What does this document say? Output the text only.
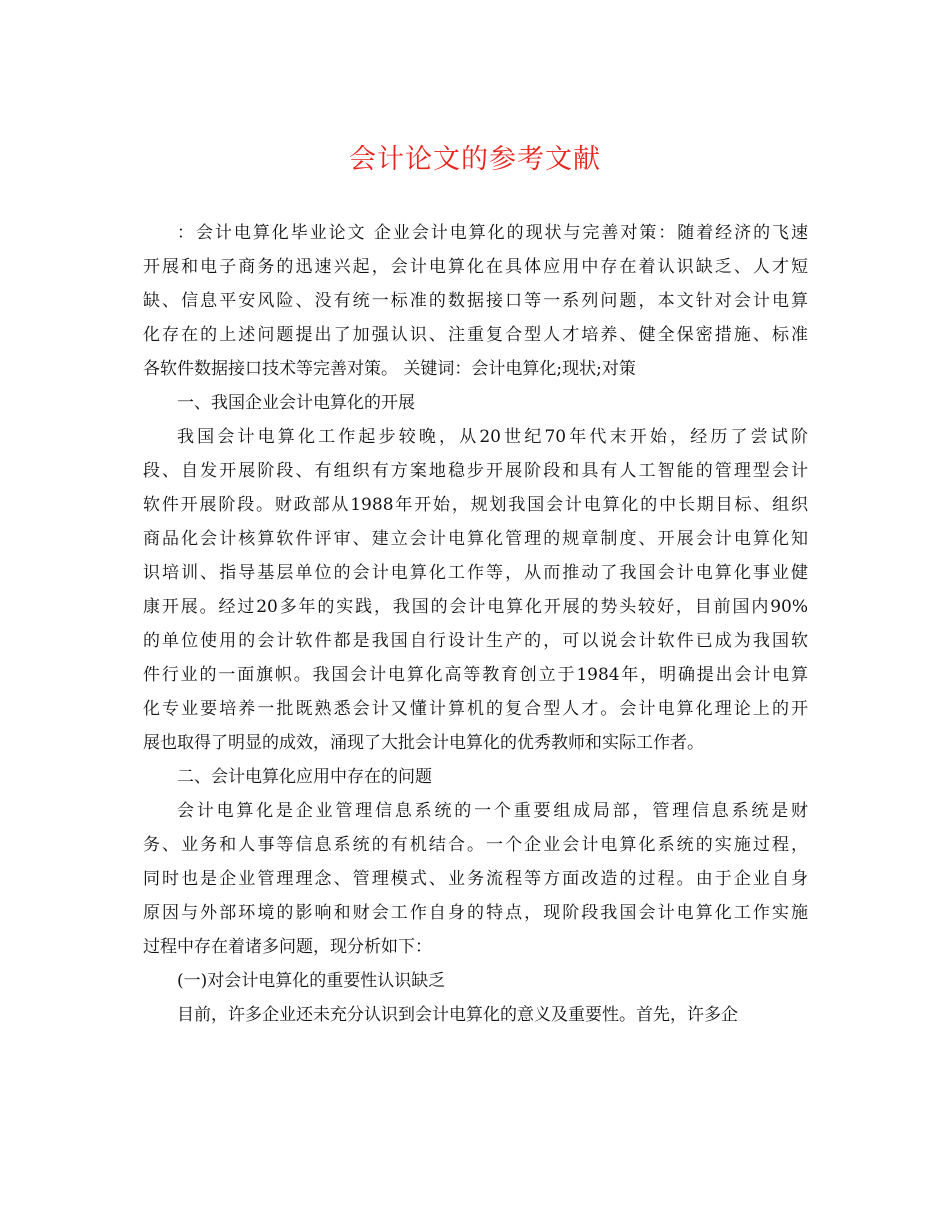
会计论文的参考文献
：会计电算化毕业论文 企业会计电算化的现状与完善对策：随着经济的飞速
开展和电子商务的迅速兴起，会计电算化在具体应用中存在着认识缺乏、人才短
缺、信息平安风险、没有统一标准的数据接口等一系列问题，本文针对会计电算
化存在的上述问题提出了加强认识、注重复合型人才培养、健全保密措施、标准
各软件数据接口技术等完善对策。 关键词：会计电算化;现状;对策
一、我国企业会计电算化的开展
我国会计电算化工作起步较晚，从20世纪70年代末开始，经历了尝试阶
段、自发开展阶段、有组织有方案地稳步开展阶段和具有人工智能的管理型会计
软件开展阶段。财政部从1988年开始，规划我国会计电算化的中长期目标、组织
商品化会计核算软件评审、建立会计电算化管理的规章制度、开展会计电算化知
识培训、指导基层单位的会计电算化工作等，从而推动了我国会计电算化事业健
康开展。经过20多年的实践，我国的会计电算化开展的势头较好，目前国内90%
的单位使用的会计软件都是我国自行设计生产的，可以说会计软件已成为我国软
件行业的一面旗帜。我国会计电算化高等教育创立于1984年，明确提出会计电算
化专业要培养一批既熟悉会计又懂计算机的复合型人才。会计电算化理论上的开
展也取得了明显的成效，涌现了大批会计电算化的优秀教师和实际工作者。
二、会计电算化应用中存在的问题
会计电算化是企业管理信息系统的一个重要组成局部，管理信息系统是财
务、业务和人事等信息系统的有机结合。一个企业会计电算化系统的实施过程，
同时也是企业管理理念、管理模式、业务流程等方面改造的过程。由于企业自身
原因与外部环境的影响和财会工作自身的特点，现阶段我国会计电算化工作实施
过程中存在着诸多问题，现分析如下：
(一)对会计电算化的重要性认识缺乏
目前，许多企业还未充分认识到会计电算化的意义及重要性。首先，许多企
